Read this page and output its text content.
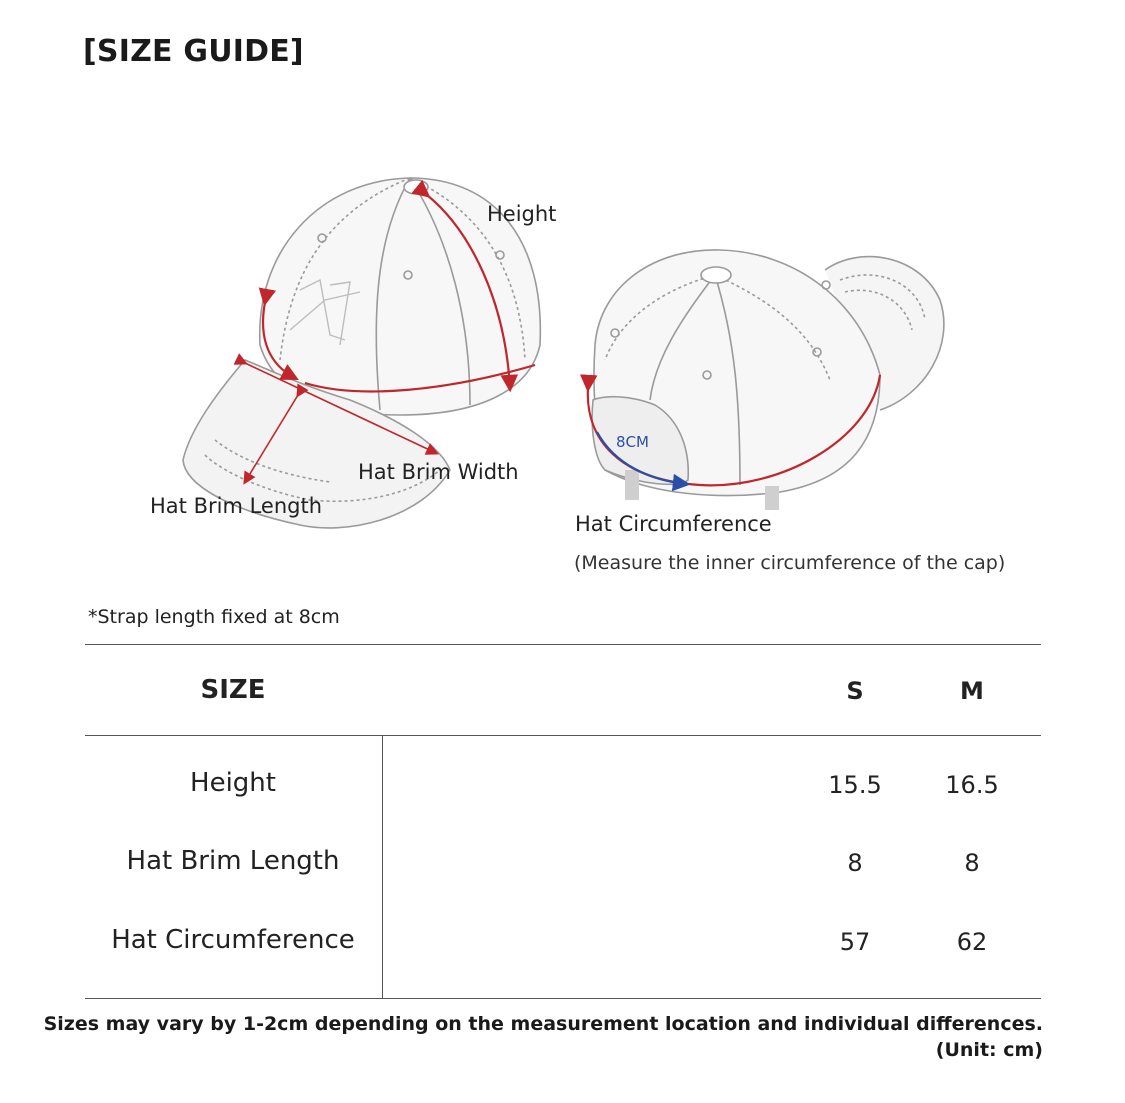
[SIZE GUIDE]
Height
Hat Brim Width
Hat Brim Length
8CM
Hat Circumference
(Measure the inner circumference of the cap)
*Strap length fixed at 8cm
SIZE	S	M
Height	15.5	16.5
Hat Brim Length	8	8
Hat Circumference	57	62
Sizes may vary by 1-2cm depending on the measurement location and individual differences.
(Unit: cm)
